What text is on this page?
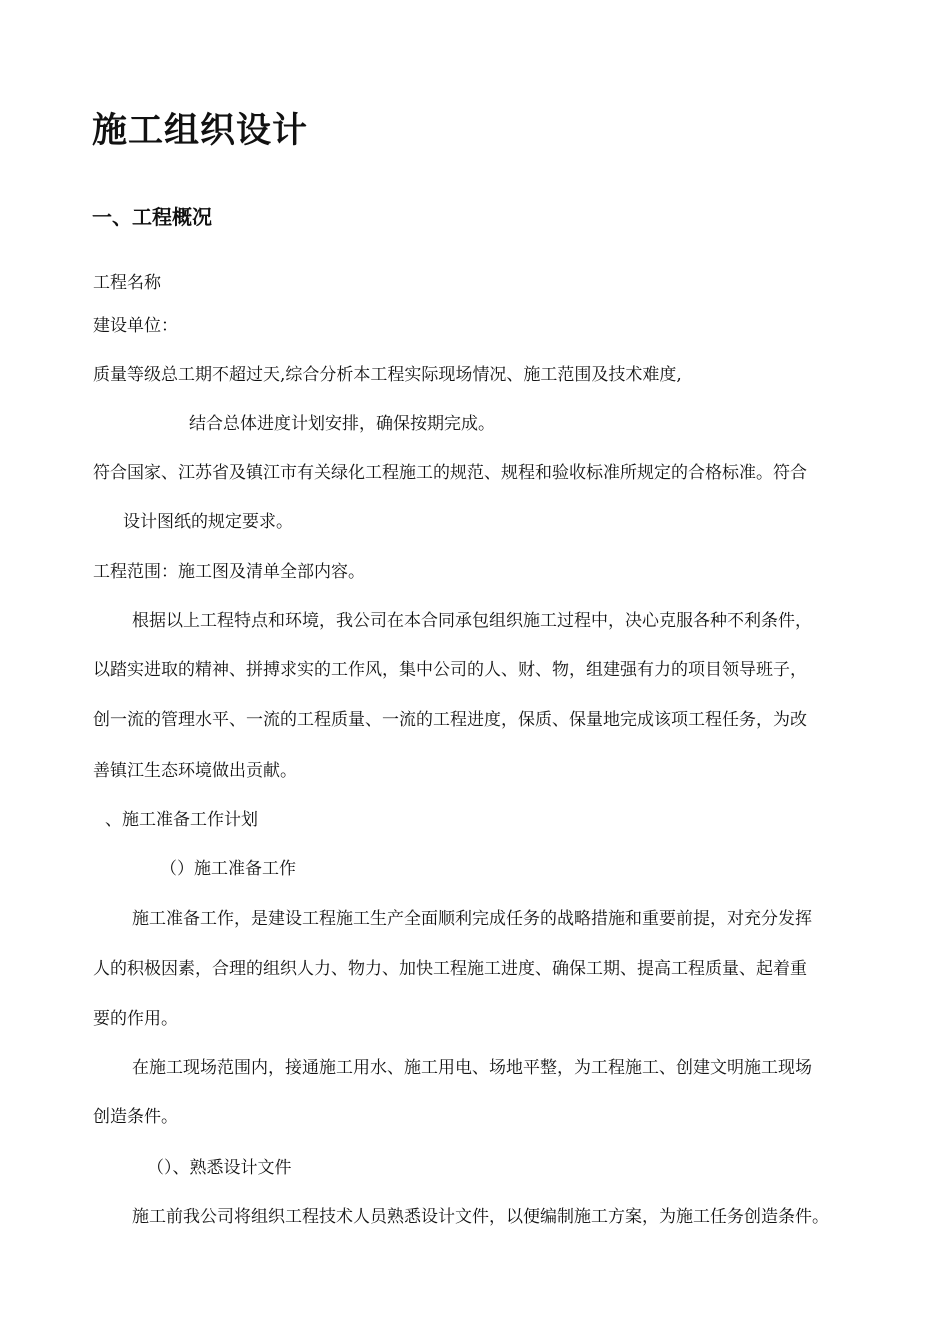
施工组织设计
一、工程概况

工程名称

建设单位：

质量等级总工期不超过天,综合分析本工程实际现场情况、施工范围及技术难度,

结合总体进度计划安排，确保按期完成。

符合国家、江苏省及镇江市有关绿化工程施工的规范、规程和验收标准所规定的合格标准。符合

设计图纸的规定要求。

工程范围：施工图及清单全部内容。

根据以上工程特点和环境，我公司在本合同承包组织施工过程中，决心克服各种不利条件，

以踏实进取的精神、拼搏求实的工作风，集中公司的人、财、物，组建强有力的项目领导班子，

创一流的管理水平、一流的工程质量、一流的工程进度，保质、保量地完成该项工程任务，为改

善镇江生态环境做出贡献。

、施工准备工作计划

（）施工准备工作

施工准备工作，是建设工程施工生产全面顺利完成任务的战略措施和重要前提，对充分发挥

人的积极因素，合理的组织人力、物力、加快工程施工进度、确保工期、提高工程质量、起着重

要的作用。

在施工现场范围内，接通施工用水、施工用电、场地平整，为工程施工、创建文明施工现场

创造条件。

（）、熟悉设计文件

施工前我公司将组织工程技术人员熟悉设计文件，以便编制施工方案，为施工任务创造条件。
